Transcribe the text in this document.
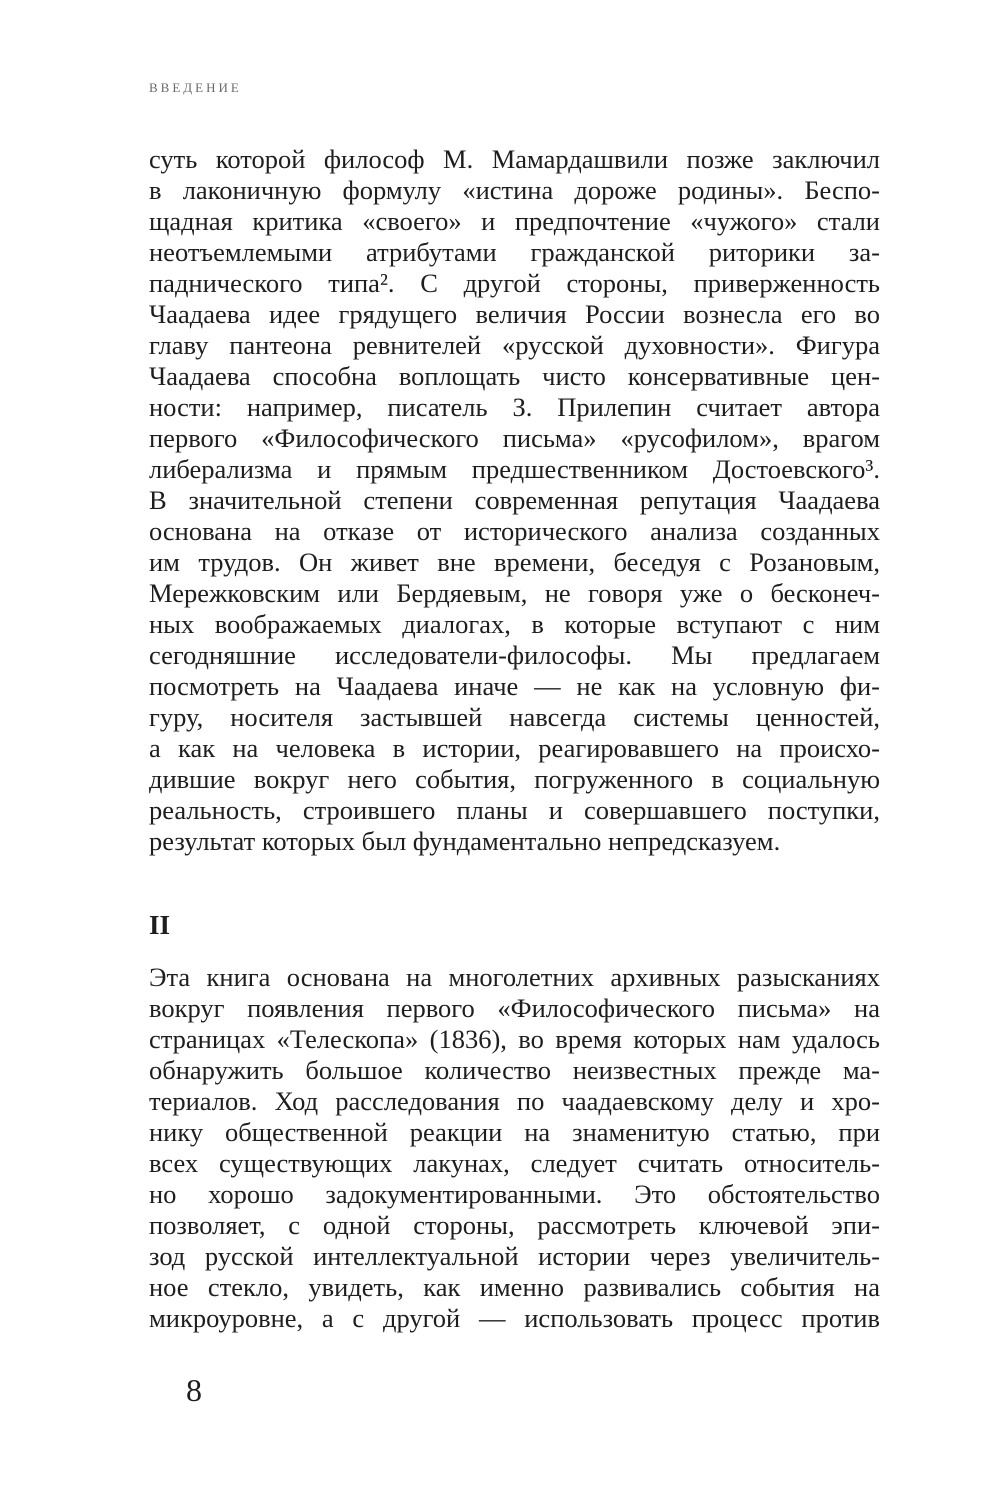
ВВЕДЕНИЕ
суть которой философ М. Мамардашвили позже заключил
в лаконичную формулу «истина дороже родины». Беспо-
щадная критика «своего» и предпочтение «чужого» стали
неотъемлемыми атрибутами гражданской риторики за-
паднического типа². С другой стороны, приверженность
Чаадаева идее грядущего величия России вознесла его во
главу пантеона ревнителей «русской духовности». Фигура
Чаадаева способна воплощать чисто консервативные цен-
ности: например, писатель З. Прилепин считает автора
первого «Философического письма» «русофилом», врагом
либерализма и прямым предшественником Достоевского³.
В значительной степени современная репутация Чаадаева
основана на отказе от исторического анализа созданных
им трудов. Он живет вне времени, беседуя с Розановым,
Мережковским или Бердяевым, не говоря уже о бесконеч-
ных воображаемых диалогах, в которые вступают с ним
сегодняшние исследователи-философы. Мы предлагаем
посмотреть на Чаадаева иначе — не как на условную фи-
гуру, носителя застывшей навсегда системы ценностей,
а как на человека в истории, реагировавшего на происхо-
дившие вокруг него события, погруженного в социальную
реальность, строившего планы и совершавшего поступки,
результат которых был фундаментально непредсказуем.
II
Эта книга основана на многолетних архивных разысканиях
вокруг появления первого «Философического письма» на
страницах «Телескопа» (1836), во время которых нам удалось
обнаружить большое количество неизвестных прежде ма-
териалов. Ход расследования по чаадаевскому делу и хро-
нику общественной реакции на знаменитую статью, при
всех существующих лакунах, следует считать относитель-
но хорошо задокументированными. Это обстоятельство
позволяет, с одной стороны, рассмотреть ключевой эпи-
зод русской интеллектуальной истории через увеличитель-
ное стекло, увидеть, как именно развивались события на
микроуровне, а с другой — использовать процесс против
8
